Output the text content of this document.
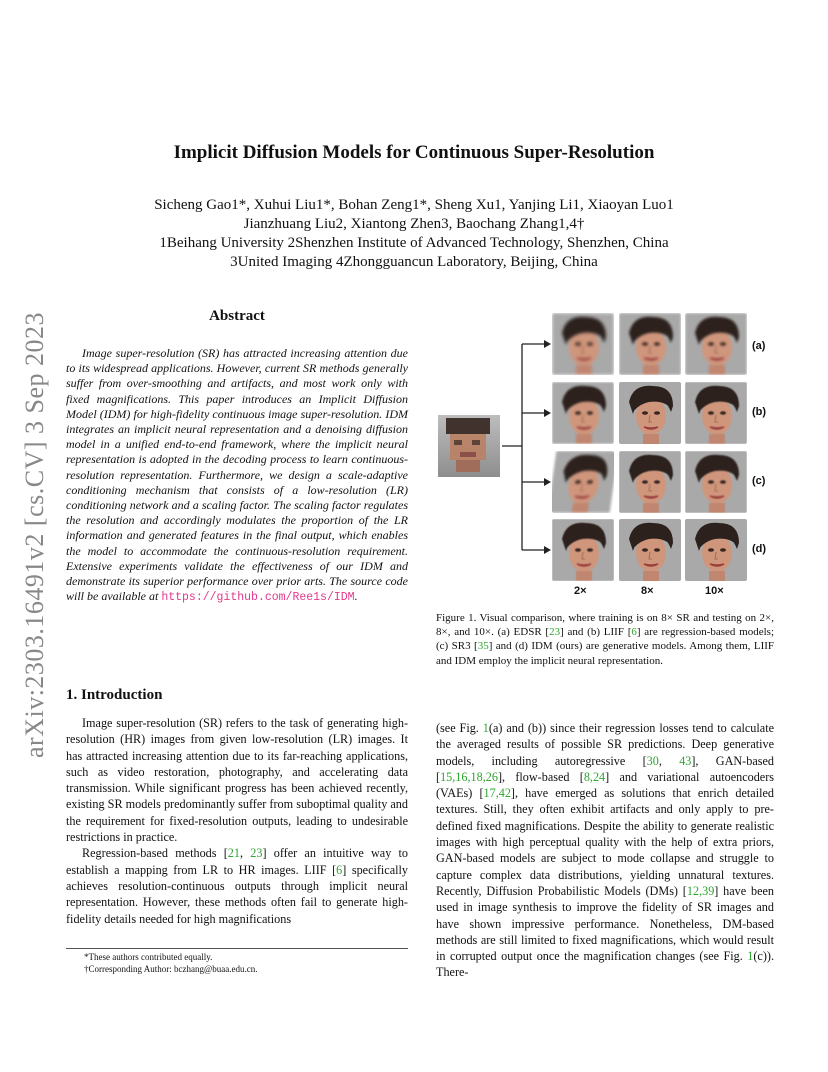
Implicit Diffusion Models for Continuous Super-Resolution
Sicheng Gao1*, Xuhui Liu1*, Bohan Zeng1*, Sheng Xu1, Yanjing Li1, Xiaoyan Luo1
Jianzhuang Liu2, Xiantong Zhen3, Baochang Zhang1,4†
1Beihang University 2Shenzhen Institute of Advanced Technology, Shenzhen, China
3United Imaging 4Zhongguancun Laboratory, Beijing, China
arXiv:2303.16491v2 [cs.CV] 3 Sep 2023	Abstract
Image super-resolution (SR) has attracted increasing attention due to its widespread applications. However, current SR methods generally suffer from over-smoothing and artifacts, and most work only with fixed magnifications. This paper introduces an Implicit Diffusion Model (IDM) for high-fidelity continuous image super-resolution. IDM integrates an implicit neural representation and a denoising diffusion model in a unified end-to-end framework, where the implicit neural representation is adopted in the decoding process to learn continuous-resolution representation. Furthermore, we design a scale-adaptive conditioning mechanism that consists of a low-resolution (LR) conditioning network and a scaling factor. The scaling factor regulates the resolution and accordingly modulates the proportion of the LR information and generated features in the final output, which enables the model to accommodate the continuous-resolution requirement. Extensive experiments validate the effectiveness of our IDM and demonstrate its superior performance over prior arts. The source code will be available at https://github.com/Ree1s/IDM.
(a)
(b)
(c)
(d)
2×	8×	10×
Figure 1. Visual comparison, where training is on 8× SR and testing on 2×, 8×, and 10×. (a) EDSR [23] and (b) LIIF [6] are regression-based models; (c) SR3 [35] and (d) IDM (ours) are generative models. Among them, LIIF and IDM employ the implicit neural representation.
1. Introduction

Image super-resolution (SR) refers to the task of generating high-resolution (HR) images from given low-resolution (LR) images. It has attracted increasing attention due to its far-reaching applications, such as video restoration, photography, and accelerating data transmission. While significant progress has been achieved recently, existing SR models predominantly suffer from suboptimal quality and the requirement for fixed-resolution outputs, leading to undesirable restrictions in practice.

Regression-based methods [21, 23] offer an intuitive way to establish a mapping from LR to HR images. LIIF [6] specifically achieves resolution-continuous outputs through implicit neural representation. However, these methods often fail to generate high-fidelity details needed for high magnifications

(see Fig. 1(a) and (b)) since their regression losses tend to calculate the averaged results of possible SR predictions. Deep generative models, including autoregressive [30, 43], GAN-based [15,16,18,26], flow-based [8,24] and variational autoencoders (VAEs) [17,42], have emerged as solutions that enrich detailed textures. Still, they often exhibit artifacts and only apply to pre-defined fixed magnifications. Despite the ability to generate realistic images with high perceptual quality with the help of extra priors, GAN-based models are subject to mode collapse and struggle to capture complex data distributions, yielding unnatural textures. Recently, Diffusion Probabilistic Models (DMs) [12,39] have been used in image synthesis to improve the fidelity of SR images and have shown impressive performance. Nonetheless, DM-based methods are still limited to fixed magnifications, which would result in corrupted output once the magnification changes (see Fig. 1(c)). There-

*These authors contributed equally.
†Corresponding Author: bczhang@buaa.edu.cn.
